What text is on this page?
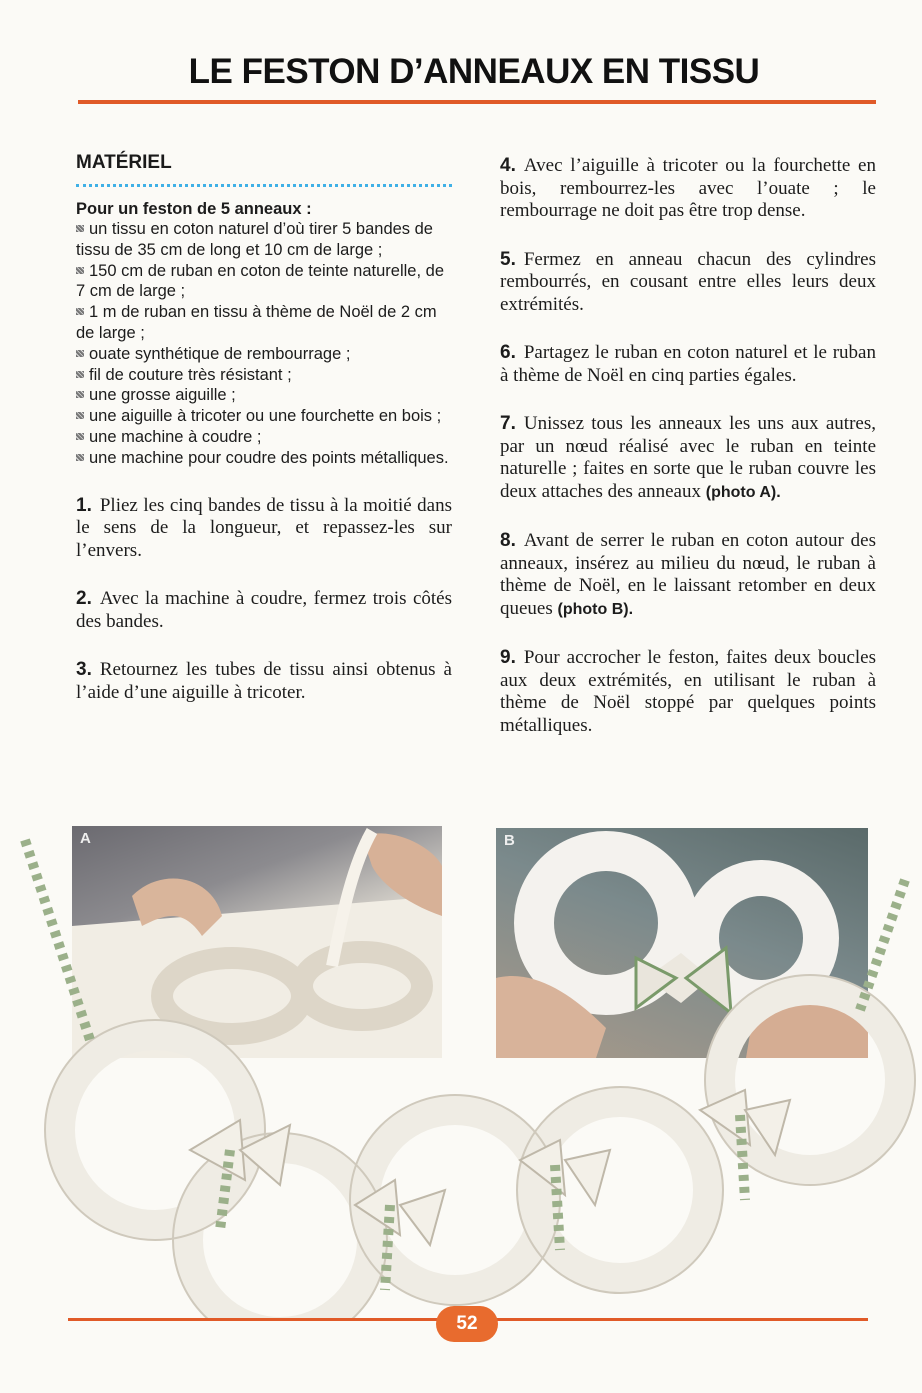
LE FESTON D’ANNEAUX EN TISSU
MATÉRIEL
Pour un feston de 5 anneaux :
un tissu en coton naturel d’où tirer 5 bandes de tissu de 35 cm de long et 10 cm de large ;
150 cm de ruban en coton de teinte naturelle, de 7 cm de large ;
1 m de ruban en tissu à thème de Noël de 2 cm de large ;
ouate synthétique de rembourrage ;
fil de couture très résistant ;
une grosse aiguille ;
une aiguille à tricoter ou une fourchette en bois ;
une machine à coudre ;
une machine pour coudre des points métalliques.

1. Pliez les cinq bandes de tissu à la moitié dans le sens de la longueur, et repassez-les sur l’envers.

2. Avec la machine à coudre, fermez trois côtés des bandes.

3. Retournez les tubes de tissu ainsi obtenus à l’aide d’une aiguille à tricoter.

4. Avec l’aiguille à tricoter ou la fourchette en bois, rembourrez-les avec l’ouate ; le rembourrage ne doit pas être trop dense.

5. Fermez en anneau chacun des cylindres rembourrés, en cousant entre elles leurs deux extrémités.

6. Partagez le ruban en coton naturel et le ruban à thème de Noël en cinq parties égales.

7. Unissez tous les anneaux les uns aux autres, par un nœud réalisé avec le ruban en teinte naturelle ; faites en sorte que le ruban couvre les deux attaches des anneaux (photo A).

8. Avant de serrer le ruban en coton autour des anneaux, insérez au milieu du nœud, le ruban à thème de Noël, en le laissant retomber en deux queues (photo B).

9. Pour accrocher le feston, faites deux boucles aux deux extrémités, en utilisant le ruban à thème de Noël stoppé par quelques points métalliques.

A	B
52
